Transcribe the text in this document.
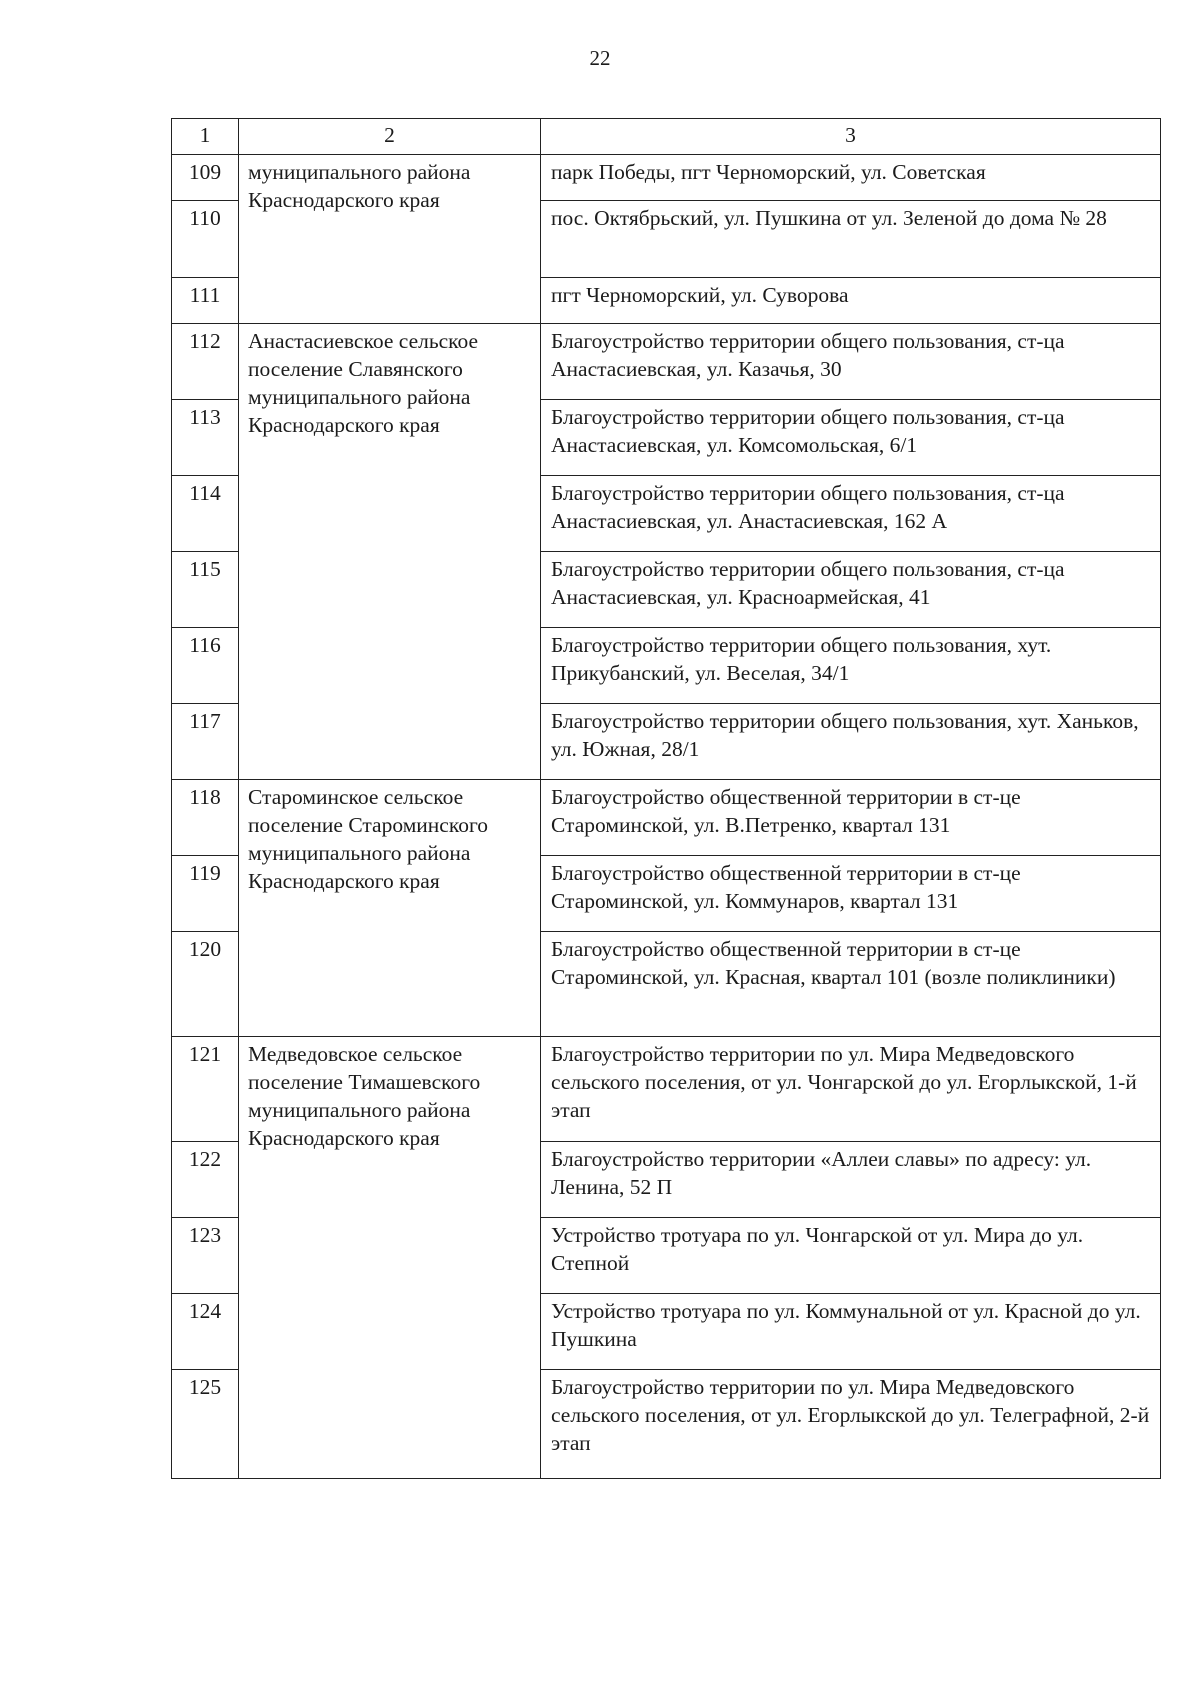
22
1	2	3
109	муниципального района Краснодарского края	парк Победы, пгт Черноморский, ул. Советская
110		пос. Октябрьский, ул. Пушкина от ул. Зеленой до дома № 28
111		пгт Черноморский, ул. Суворова
112	Анастасиевское сельское поселение Славянского муниципального района Краснодарского края	Благоустройство территории общего пользования, ст-ца Анастасиевская, ул. Казачья, 30
113		Благоустройство территории общего пользования, ст-ца Анастасиевская, ул. Комсомольская, 6/1
114		Благоустройство территории общего пользования, ст-ца Анастасиевская, ул. Анастасиевская, 162 А
115		Благоустройство территории общего пользования, ст-ца Анастасиевская, ул. Красноармейская, 41
116		Благоустройство территории общего пользования, хут. Прикубанский, ул. Веселая, 34/1
117		Благоустройство территории общего пользования, хут. Ханьков, ул. Южная, 28/1
118	Староминское сельское поселение Староминского муниципального района Краснодарского края	Благоустройство общественной территории в ст-це Староминской, ул. В.Петренко, квартал 131
119		Благоустройство общественной территории в ст-це Староминской, ул. Коммунаров, квартал 131
120		Благоустройство общественной территории в ст-це Староминской, ул. Красная, квартал 101 (возле поликлиники)
121	Медведовское сельское поселение Тимашевского муниципального района Краснодарского края	Благоустройство территории по ул. Мира Медведовского сельского поселения, от ул. Чонгарской до ул. Егорлыкской, 1-й этап
122		Благоустройство территории «Аллеи славы» по адресу: ул. Ленина, 52 П
123		Устройство тротуара по ул. Чонгарской от ул. Мира до ул. Степной
124		Устройство тротуара по ул. Коммунальной от ул. Красной до ул. Пушкина
125		Благоустройство территории по ул. Мира Медведовского сельского поселения, от ул. Егорлыкской до ул. Телеграфной, 2-й этап
